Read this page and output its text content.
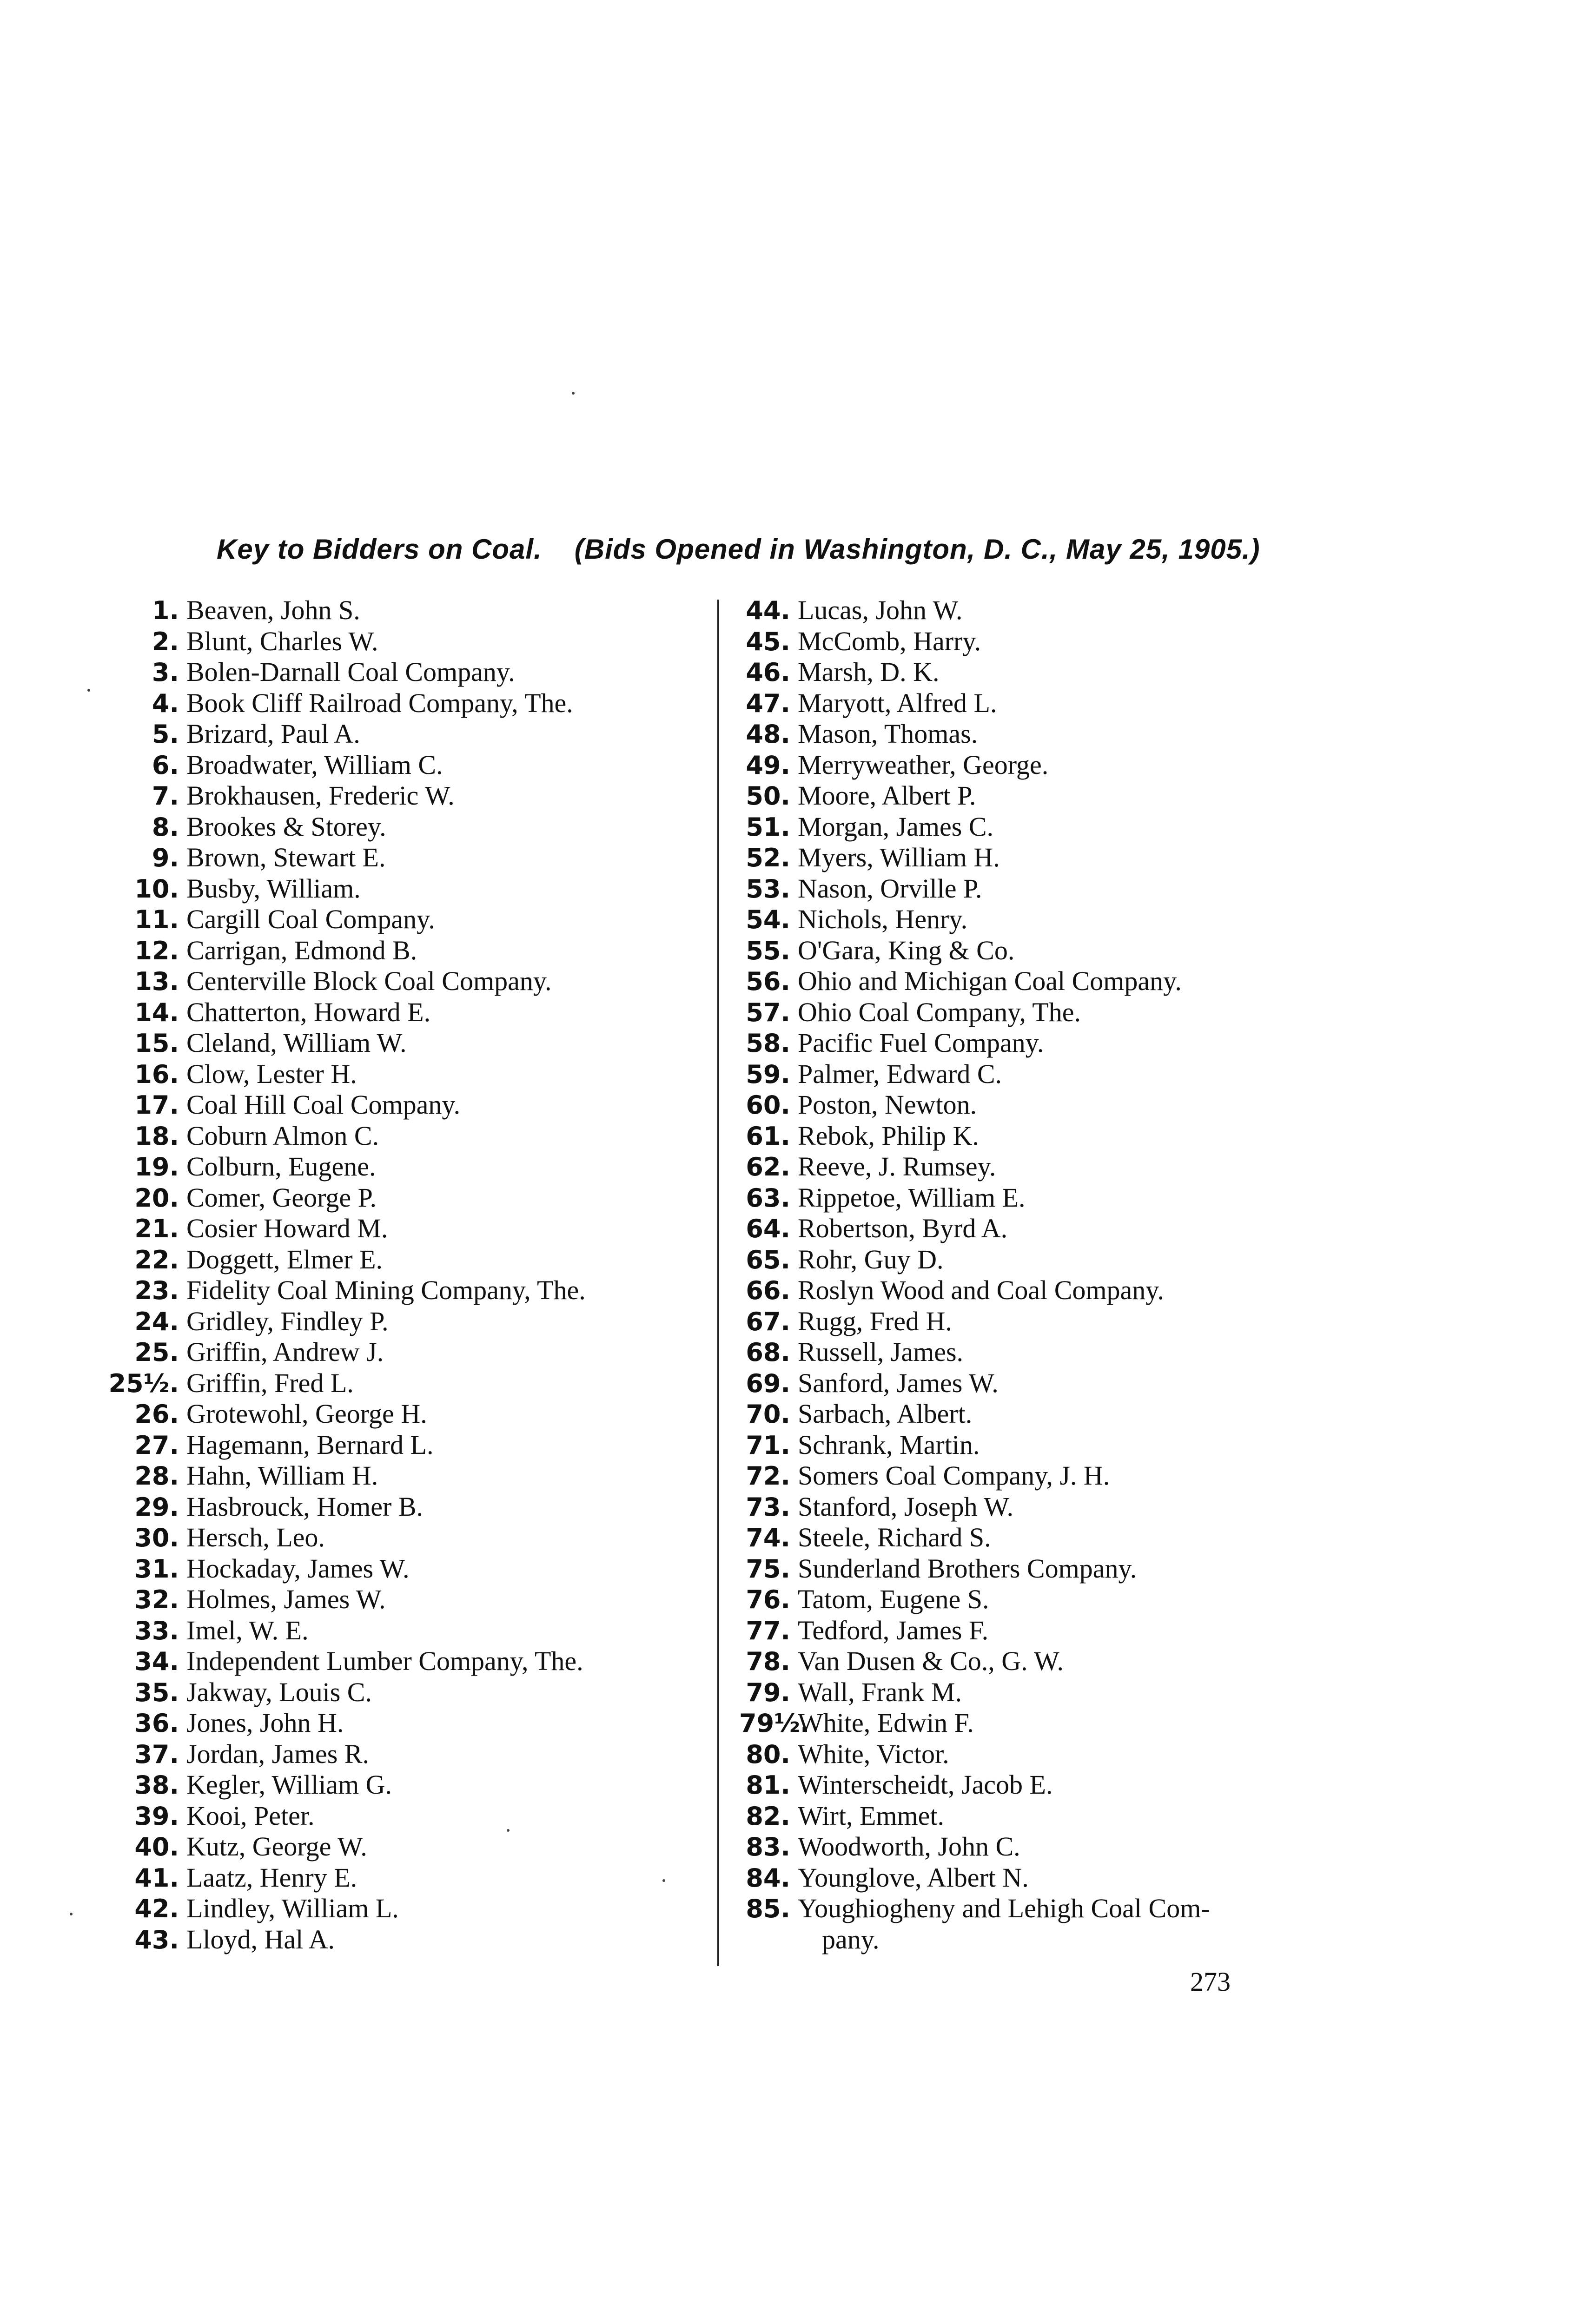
Key to Bidders on Coal. (Bids Opened in Washington, D. C., May 25, 1905.)
1. Beaven, John S.
2. Blunt, Charles W.
3. Bolen-Darnall Coal Company.
4. Book Cliff Railroad Company, The.
5. Brizard, Paul A.
6. Broadwater, William C.
7. Brokhausen, Frederic W.
8. Brookes & Storey.
9. Brown, Stewart E.
10. Busby, William.
11. Cargill Coal Company.
12. Carrigan, Edmond B.
13. Centerville Block Coal Company.
14. Chatterton, Howard E.
15. Cleland, William W.
16. Clow, Lester H.
17. Coal Hill Coal Company.
18. Coburn Almon C.
19. Colburn, Eugene.
20. Comer, George P.
21. Cosier Howard M.
22. Doggett, Elmer E.
23. Fidelity Coal Mining Company, The.
24. Gridley, Findley P.
25. Griffin, Andrew J.
25½. Griffin, Fred L.
26. Grotewohl, George H.
27. Hagemann, Bernard L.
28. Hahn, William H.
29. Hasbrouck, Homer B.
30. Hersch, Leo.
31. Hockaday, James W.
32. Holmes, James W.
33. Imel, W. E.
34. Independent Lumber Company, The.
35. Jakway, Louis C.
36. Jones, John H.
37. Jordan, James R.
38. Kegler, William G.
39. Kooi, Peter.
40. Kutz, George W.
41. Laatz, Henry E.
42. Lindley, William L.
43. Lloyd, Hal A.
44. Lucas, John W.
45. McComb, Harry.
46. Marsh, D. K.
47. Maryott, Alfred L.
48. Mason, Thomas.
49. Merryweather, George.
50. Moore, Albert P.
51. Morgan, James C.
52. Myers, William H.
53. Nason, Orville P.
54. Nichols, Henry.
55. O'Gara, King & Co.
56. Ohio and Michigan Coal Company.
57. Ohio Coal Company, The.
58. Pacific Fuel Company.
59. Palmer, Edward C.
60. Poston, Newton.
61. Rebok, Philip K.
62. Reeve, J. Rumsey.
63. Rippetoe, William E.
64. Robertson, Byrd A.
65. Rohr, Guy D.
66. Roslyn Wood and Coal Company.
67. Rugg, Fred H.
68. Russell, James.
69. Sanford, James W.
70. Sarbach, Albert.
71. Schrank, Martin.
72. Somers Coal Company, J. H.
73. Stanford, Joseph W.
74. Steele, Richard S.
75. Sunderland Brothers Company.
76. Tatom, Eugene S.
77. Tedford, James F.
78. Van Dusen & Co., G. W.
79. Wall, Frank M.
79½.
White, Edwin F.
80. White, Victor.
81. Winterscheidt, Jacob E.
82. Wirt, Emmet.
83. Woodworth, John C.
84. Younglove, Albert N.
85. Youghiogheny and Lehigh Coal Com-
pany.
273
